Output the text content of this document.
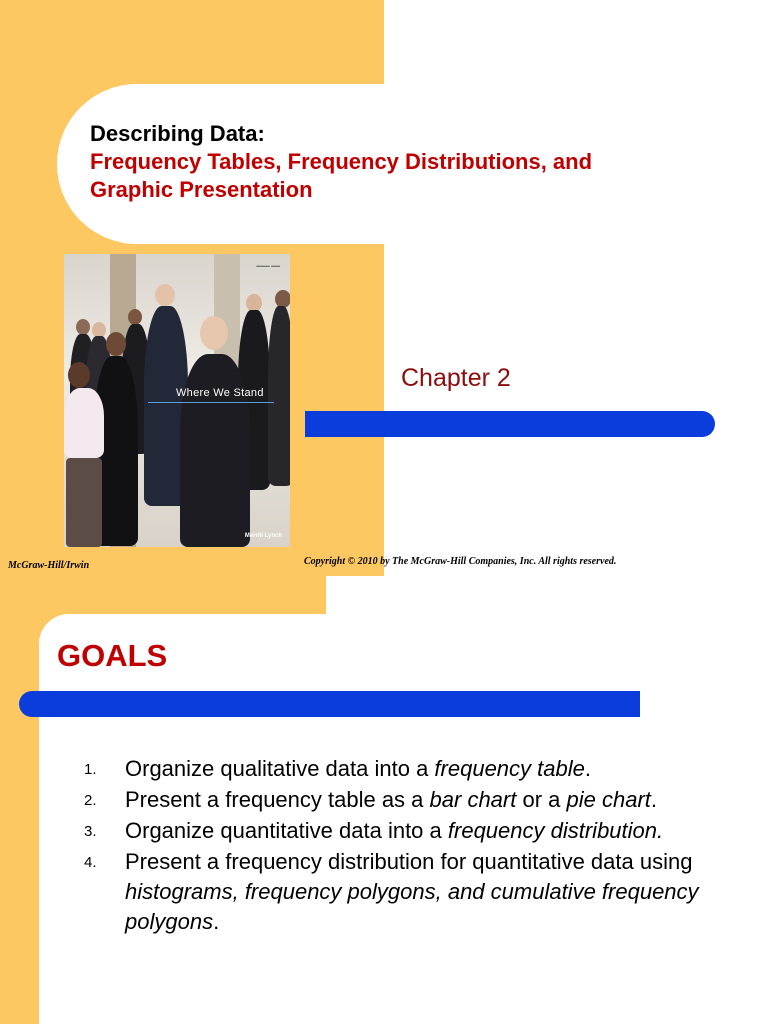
Describing Data:
Frequency Tables, Frequency Distributions, and Graphic Presentation
▬▬▬ ▬▬
Where We Stand
Merrill Lynch
Chapter 2
McGraw-Hill/Irwin	Copyright © 2010 by The McGraw-Hill Companies, Inc. All rights reserved.
GOALS
1. Organize qualitative data into a frequency table.
2. Present a frequency table as a bar chart or a pie chart.
3. Organize quantitative data into a frequency distribution.
4. Present a frequency distribution for quantitative data using histograms, frequency polygons, and cumulative frequency polygons.
